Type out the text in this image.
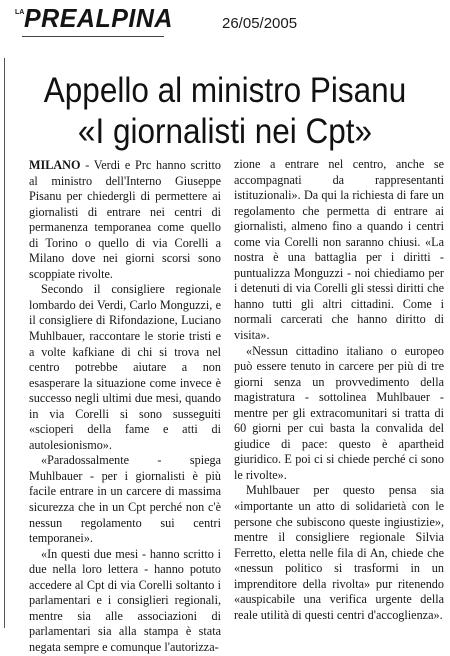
LA PREALPINA	26/05/2005
Appello al ministro Pisanu
«I giornalisti nei Cpt»

MILANO - Verdi e Prc hanno scritto al ministro dell'Interno Giuseppe Pisanu per chiedergli di permettere ai giornalisti di entrare nei centri di permanenza temporanea come quello di Torino o quello di via Corelli a Milano dove nei giorni scorsi sono scoppiate rivolte.

Secondo il consigliere regionale lombardo dei Verdi, Carlo Monguzzi, e il consigliere di Rifondazione, Luciano Muhlbauer, raccontare le storie tristi e a volte kafkiane di chi si trova nel centro potrebbe aiutare a non esasperare la situazione come invece è successo negli ultimi due mesi, quando in via Corelli si sono susseguiti «scioperi della fame e atti di autolesionismo».

«Paradossalmente - spiega Muhlbauer - per i giornalisti è più facile entrare in un carcere di massima sicurezza che in un Cpt perché non c'è nessun regolamento sui centri temporanei».

«In questi due mesi - hanno scritto i due nella loro lettera - hanno potuto accedere al Cpt di via Corelli soltanto i parlamentari e i consiglieri regionali, mentre sia alle associazioni di parlamentari sia alla stampa è stata negata sempre e comunque l'autorizza-

zione a entrare nel centro, anche se accompagnati da rappresentanti istituzionali». Da qui la richiesta di fare un regolamento che permetta di entrare ai giornalisti, almeno fino a quando i centri come via Corelli non saranno chiusi. «La nostra è una battaglia per i diritti - puntualizza Monguzzi - noi chiediamo per i detenuti di via Corelli gli stessi diritti che hanno tutti gli altri cittadini. Come i normali carcerati che hanno diritto di visita».

«Nessun cittadino italiano o europeo può essere tenuto in carcere per più di tre giorni senza un provvedimento della magistratura - sottolinea Muhlbauer - mentre per gli extracomunitari si tratta di 60 giorni per cui basta la convalida del giudice di pace: questo è apartheid giuridico. E poi ci si chiede perché ci sono le rivolte».

Muhlbauer per questo pensa sia «importante un atto di solidarietà con le persone che subiscono queste ingiustizie», mentre il consigliere regionale Silvia Ferretto, eletta nelle fila di An, chiede che «nessun politico si trasformi in un imprenditore della rivolta» pur ritenendo «auspicabile una verifica urgente della reale utilità di questi centri d'accoglienza».
